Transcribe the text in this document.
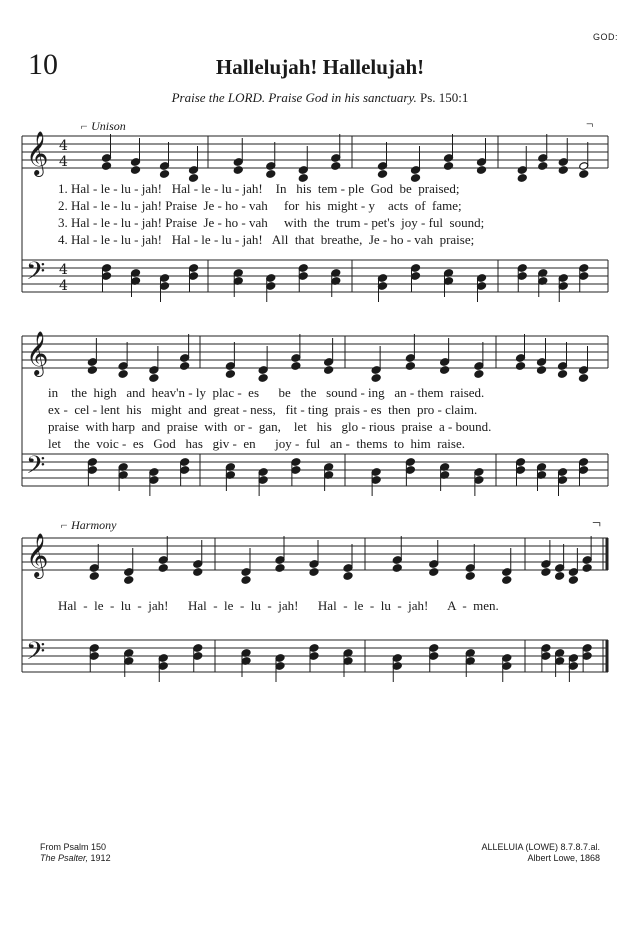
GOD:
10	Hallelujah! Hallelujah!
Praise the LORD. Praise God in his sanctuary. Ps. 150:1
𝄞
𝄢
4
4
4
4
𝄞
𝄢
𝄞
𝄢
⌐ Unison	¬
⌐ Harmony	¬
1. Hal - le - lu - jah!   Hal - le - lu - jah!    In   his  tem - ple  God  be  praised;
2. Hal - le - lu - jah! Praise  Je - ho - vah     for  his  might - y    acts  of  fame;
3. Hal - le - lu - jah! Praise  Je - ho - vah     with  the  trum - pet's  joy - ful  sound;
4. Hal - le - lu - jah!   Hal - le - lu - jah!   All  that  breathe,  Je - ho - vah  praise;
in    the  high   and  heav'n - ly  plac -  es      be   the   sound - ing   an - them  raised.
ex -  cel - lent  his   might  and  great - ness,   fit - ting  prais - es  then  pro - claim.
praise  with harp  and  praise  with  or -  gan,    let   his   glo - rious  praise  a - bound.
let    the  voic -  es   God   has   giv -  en      joy -  ful   an -  thems  to  him  raise.
Hal  -  le  -  lu  -  jah!      Hal  -  le  -  lu  -  jah!      Hal  -  le  -  lu  -  jah!      A  -  men.
From Psalm 150
The Psalter, 1912
ALLELUIA (LOWE) 8.7.8.7.al.
Albert Lowe, 1868
